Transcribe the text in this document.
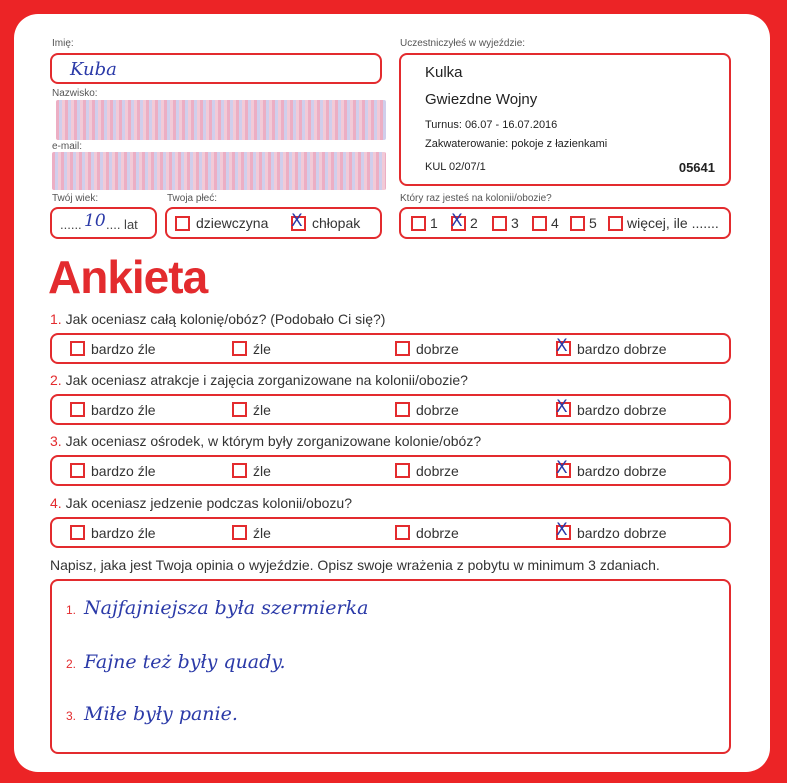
Imię:
Kuba
Nazwisko:
e-mail:
Uczestniczyłeś w wyjeździe:
Kulka
Gwiezdne Wojny
Turnus: 06.07 - 16.07.2016
Zakwaterowanie: pokoje z łazienkami
KUL 02/07/1	05641
Twój wiek:
...... 10 .... lat
Twoja płeć:
dziewczyna X chłopak
Który raz jesteś na kolonii/obozie?
1 X 2 3 4 5 więcej, ile .......
Ankieta
1. Jak oceniasz całą kolonię/obóz? (Podobało Ci się?)
bardzo źle	źle	dobrze	X bardzo dobrze
2. Jak oceniasz atrakcje i zajęcia zorganizowane na kolonii/obozie?
bardzo źle	źle	dobrze	X bardzo dobrze
3. Jak oceniasz ośrodek, w którym były zorganizowane kolonie/obóz?
bardzo źle	źle	dobrze	X bardzo dobrze
4. Jak oceniasz jedzenie podczas kolonii/obozu?
bardzo źle	źle	dobrze	X bardzo dobrze
Napisz, jaka jest Twoja opinia o wyjeździe. Opisz swoje wrażenia z pobytu w minimum 3 zdaniach.
1. Najfajniejsza była szermierka
2. Fajne też były quady.
3. Miłe były panie.
